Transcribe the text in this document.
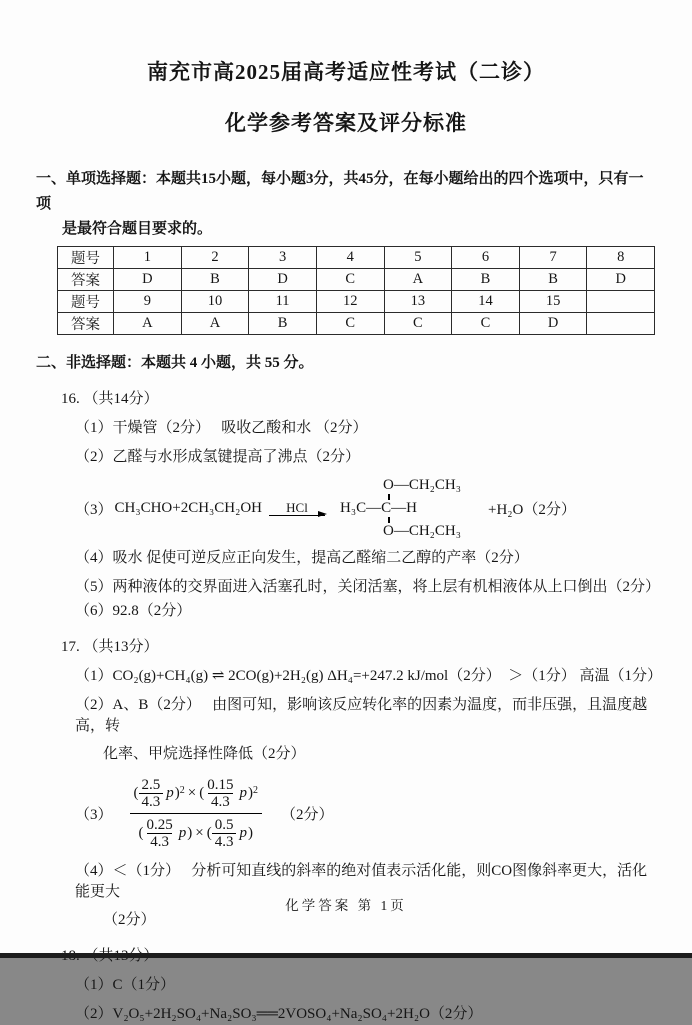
南充市高2025届高考适应性考试（二诊）
化学参考答案及评分标准
一、单项选择题：本题共15小题，每小题3分，共45分，在每小题给出的四个选项中，只有一项
是最符合题目要求的。
题号	1	2	3	4	5	6	7	8
答案	D	B	D	C	A	B	B	D
题号	9	10	11	12	13	14	15	
答案	A	A	B	C	C	C	D	
二、非选择题：本题共 4 小题，共 55 分。
16. （共14分）
（1）干燥管（2分）　 吸收乙酸和水 （2分）
（2）乙醛与水形成氢键提高了沸点（2分）
（3） CH₃CHO+2CH₃CH₂OH HCl
O—CH₂CH₃
H₃C—C—H
O—CH₂CH₃
+H₂O（2分）
（4）吸水 促使可逆反应正向发生，提高乙醛缩二乙醇的产率（2分）
（5）两种液体的交界面进入活塞孔时，关闭活塞，将上层有机相液体从上口倒出（2分）
（6）92.8（2分）
17. （共13分）
（1）CO₂(g)+CH₄(g) ⇌ 2CO(g)+2H₂(g) ΔH₄=+247.2 kJ/mol（2分）　＞（1分） 高温（1分）
（2）A、B（2分）　 由图可知，影响该反应转化率的因素为温度，而非压强，且温度越高，转
化率、甲烷选择性降低（2分）
（3）
( $\frac{2.5}{4.3}$ p ) 2 × ( $\frac{0.15}{4.3}$ p ) 2
( $\frac{0.25}{4.3}$ p ) × ( $\frac{0.5}{4.3}$ p )
（2分）
（4）＜（1分）　 分析可知直线的斜率的绝对值表示活化能，则CO图像斜率更大，活化能更大
（2分）
（1）C（1分）
（2）V₂O₅+2H₂SO₄+Na₂SO₃══2VOSO₄+Na₂SO₄+2H₂O（2分）
化学答案 第 1页
